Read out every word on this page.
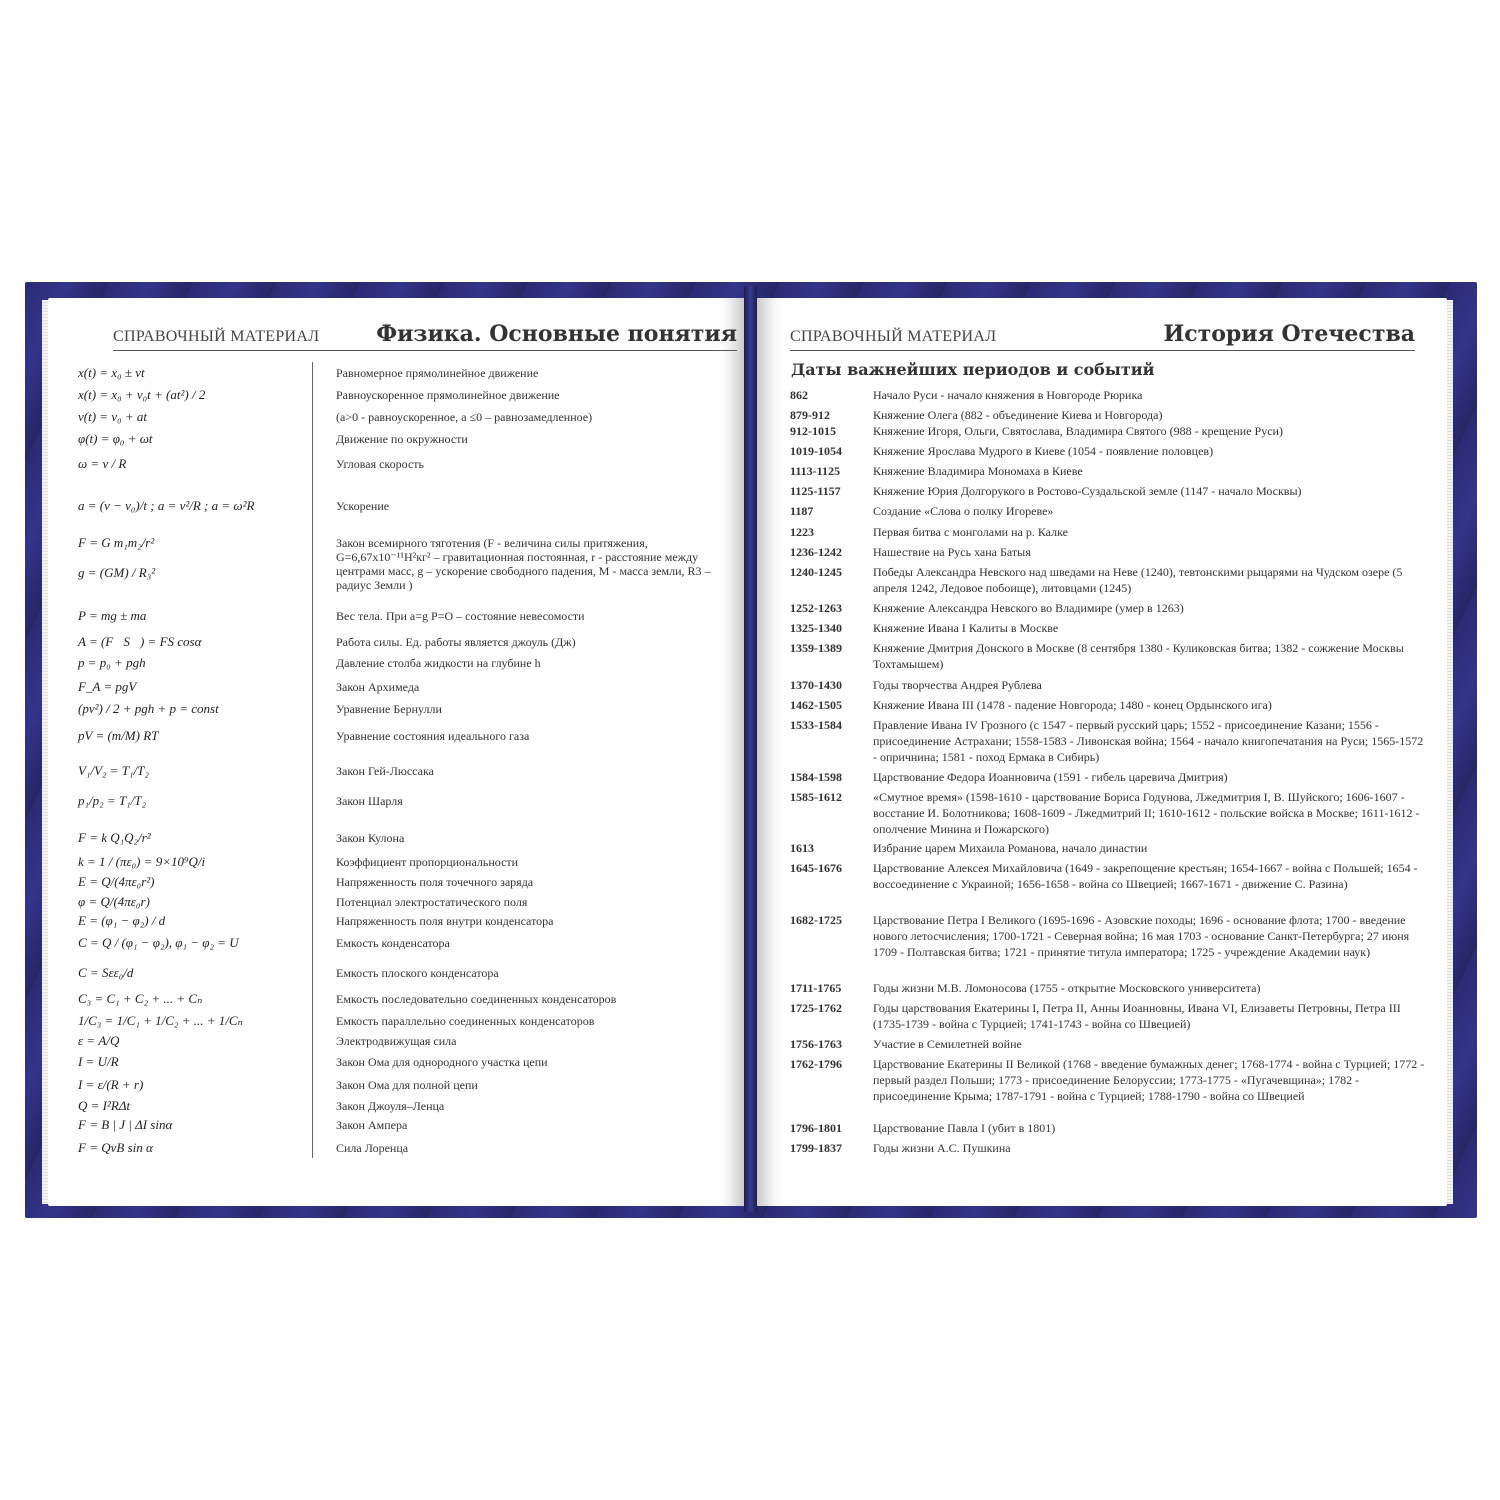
СПРАВОЧНЫЙ МАТЕРИАЛ	Физика. Основные понятия
x(t) = x₀ ± vt	Равномерное прямолинейное движение
x(t) = x₀ + v₀t + (at²) / 2	Равноускоренное прямолинейное движение
v(t) = v₀ + at	(a>0 - равноускоренное, a ≤0 – равнозамедленное)
φ(t) = φ₀ + ωt	Движение по окружности
ω = v / R	Угловая скорость
a = (v − v₀)/t ; a = v²/R ; a = ω²R	Ускорение
F = G m₁m₂/r²	Закон всемирного тяготения (F - величина силы притяжения, G=6,67x10⁻¹¹Н²кг² – гравитационная постоянная, r - расстояние между центрами масс, g – ускорение свободного падения, М - масса земли, R3 – радиус Земли )
g = (GM) / R₃²
P = mg ± ma	Вес тела. При a=g P=O – состояние невесомости
A = (F⃗S⃗) = FS cosα	Работа силы. Ед. работы является джоуль (Дж)
p = p₀ + pgh	Давление столба жидкости на глубине h
F_A = pgV	Закон Архимеда
(pv²) / 2 + pgh + p = const	Уравнение Бернулли
pV = (m/M) RT	Уравнение состояния идеального газа
V₁/V₂ = T₁/T₂	Закон Гей-Люссака
p₁/p₂ = T₁/T₂	Закон Шарля
F = k Q₁Q₂/r²	Закон Кулона
k = 1 / (πε₀) = 9×10⁹Q/i	Коэффициент пропорциональности
E = Q/(4πε₀r²)	Напряженность поля точечного заряда
φ = Q/(4πε₀r)	Потенциал электростатического поля
E = (φ₁ − φ₂) / d	Напряженность поля внутри конденсатора
C = Q / (φ₁ − φ₂), φ₁ − φ₂ = U	Емкость конденсатора
C = Sεε₀/d	Емкость плоского конденсатора
C₃ = C₁ + C₂ + ... + Cₙ	Емкость последовательно соединенных конденсаторов
1/C₃ = 1/C₁ + 1/C₂ + ... + 1/Cₙ	Емкость параллельно соединенных конденсаторов
ε = A/Q	Электродвижущая сила
I = U/R	Закон Ома для однородного участка цепи
I = ε/(R + r)	Закон Ома для полной цепи
Q = I²RΔt	Закон Джоуля–Ленца
F = B | J | ΔI sinα	Закон Ампера
F = QvB sin α	Сила Лоренца
СПРАВОЧНЫЙ МАТЕРИАЛ	История Отечества
Даты важнейших периодов и событий
862	Начало Руси - начало княжения в Новгороде Рюрика
879-912	Княжение Олега (882 - объединение Киева и Новгорода)
912-1015	Княжение Игоря, Ольги, Святослава, Владимира Святого (988 - крещение Руси)
1019-1054	Княжение Ярослава Мудрого в Киеве (1054 - появление половцев)
1113-1125	Княжение Владимира Мономаха в Киеве
1125-1157	Княжение Юрия Долгорукого в Ростово-Суздальской земле (1147 - начало Москвы)
1187	Создание «Слова о полку Игореве»
1223	Первая битва с монголами на р. Калке
1236-1242	Нашествие на Русь хана Батыя
1240-1245	Победы Александра Невского над шведами на Неве (1240), тевтонскими рыцарями на Чудском озере (5 апреля 1242, Ледовое побоище), литовцами (1245)
1252-1263	Княжение Александра Невского во Владимире (умер в 1263)
1325-1340	Княжение Ивана I Калиты в Москве
1359-1389	Княжение Дмитрия Донского в Москве (8 сентября 1380 - Куликовская битва; 1382 - сожжение Москвы Тохтамышем)
1370-1430	Годы творчества Андрея Рублева
1462-1505	Княжение Ивана III (1478 - падение Новгорода; 1480 - конец Ордынского ига)
1533-1584	Правление Ивана IV Грозного (с 1547 - первый русский царь; 1552 - присоединение Казани; 1556 - присоединение Астрахани; 1558-1583 - Ливонская война; 1564 - начало книгопечатания на Руси; 1565-1572 - опричнина; 1581 - поход Ермака в Сибирь)
1584-1598	Царствование Федора Иоанновича (1591 - гибель царевича Дмитрия)
1585-1612	«Смутное время» (1598-1610 - царствование Бориса Годунова, Лжедмитрия I, В. Шуйского; 1606-1607 - восстание И. Болотникова; 1608-1609 - Лжедмитрий II; 1610-1612 - польские войска в Москве; 1611-1612 - ополчение Минина и Пожарского)
1613	Избрание царем Михаила Романова, начало династии
1645-1676	Царствование Алексея Михайловича (1649 - закрепощение крестьян; 1654-1667 - война с Польшей; 1654 - воссоединение с Украиной; 1656-1658 - война со Швецией; 1667-1671 - движение С. Разина)
1682-1725	Царствование Петра I Великого (1695-1696 - Азовские походы; 1696 - основание флота; 1700 - введение нового летосчисления; 1700-1721 - Северная война; 16 мая 1703 - основание Санкт-Петербурга; 27 июня 1709 - Полтавская битва; 1721 - принятие титула императора; 1725 - учреждение Академии наук)
1711-1765	Годы жизни М.В. Ломоносова (1755 - открытие Московского университета)
1725-1762	Годы царствования Екатерины I, Петра II, Анны Иоанновны, Ивана VI, Елизаветы Петровны, Петра III (1735-1739 - война с Турцией; 1741-1743 - война со Швецией)
1756-1763	Участие в Семилетней войне
1762-1796	Царствование Екатерины II Великой (1768 - введение бумажных денег; 1768-1774 - война с Турцией; 1772 - первый раздел Польши; 1773 - присоединение Белоруссии; 1773-1775 - «Пугачевщина»; 1782 - присоединение Крыма; 1787-1791 - война с Турцией; 1788-1790 - война со Швецией
1796-1801	Царствование Павла I (убит в 1801)
1799-1837	Годы жизни А.С. Пушкина
